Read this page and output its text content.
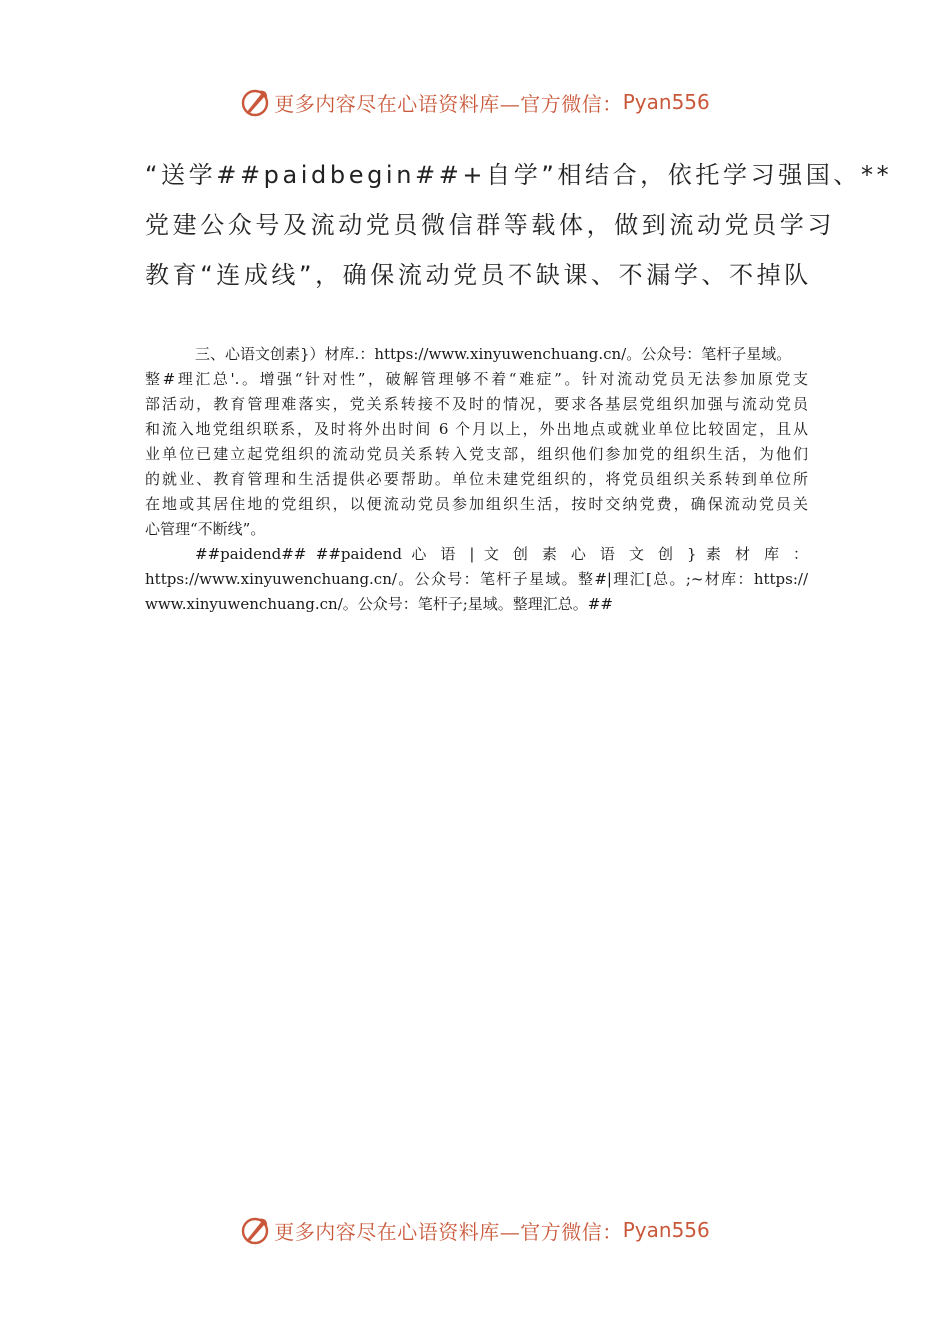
更多内容尽在心语资料库—官方微信： Pyan556
“送学##paidbegin##+自学”相结合，依托学习强国、**
党建公众号及流动党员微信群等载体，做到流动党员学习
教育“连成线”，确保流动党员不缺课、不漏学、不掉队
三、心语文创素}）材库.：https://www.xinyuwenchuang.cn/。公众号：笔杆子星域。
整#理汇总'.。增强“针对性”，破解管理够不着“难症”。针对流动党员无法参加原党支
部活动，教育管理难落实，党关系转接不及时的情况，要求各基层党组织加强与流动党员
和流入地党组织联系，及时将外出时间 6 个月以上，外出地点或就业单位比较固定，且从
业单位已建立起党组织的流动党员关系转入党支部，组织他们参加党的组织生活，为他们
的就业、教育管理和生活提供必要帮助。单位未建党组织的，将党员组织关系转到单位所
在地或其居住地的党组织，以便流动党员参加组织生活，按时交纳党费，确保流动党员关
心管理“不断线”。
##paidend## ##paidend 心 语 | 文 创 素 心 语 文 创 } 素 材 库 ：
https://www.xinyuwenchuang.cn/。公众号：笔杆子星域。整#|理汇[总。;~材库：https://
www.xinyuwenchuang.cn/。公众号：笔杆子;星域。整理汇总。##
更多内容尽在心语资料库—官方微信： Pyan556
